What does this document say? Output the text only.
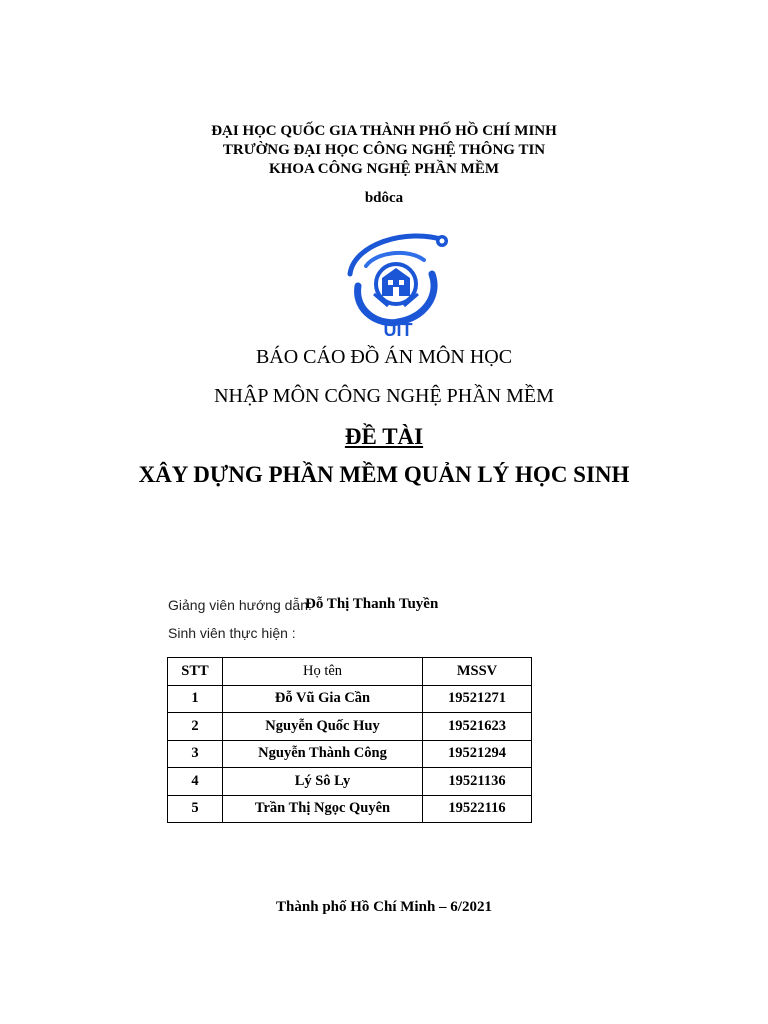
ĐẠI HỌC QUỐC GIA THÀNH PHỐ HỒ CHÍ MINH
TRƯỜNG ĐẠI HỌC CÔNG NGHỆ THÔNG TIN
KHOA CÔNG NGHỆ PHẦN MỀM
bdôca
UIT
BÁO CÁO ĐỒ ÁN MÔN HỌC
NHẬP MÔN CÔNG NGHỆ PHẦN MỀM
ĐỀ TÀI
XÂY DỰNG PHẦN MỀM QUẢN LÝ HỌC SINH
Giảng viên hướng dẫn:
Đỗ Thị Thanh Tuyền
Sinh viên thực hiện :
STT	Họ tên	MSSV
1	Đỗ Vũ Gia Cần	19521271
2	Nguyễn Quốc Huy	19521623
3	Nguyễn Thành Công	19521294
4	Lý Sô Ly	19521136
5	Trần Thị Ngọc Quyên	19522116
Thành phố Hồ Chí Minh – 6/2021
